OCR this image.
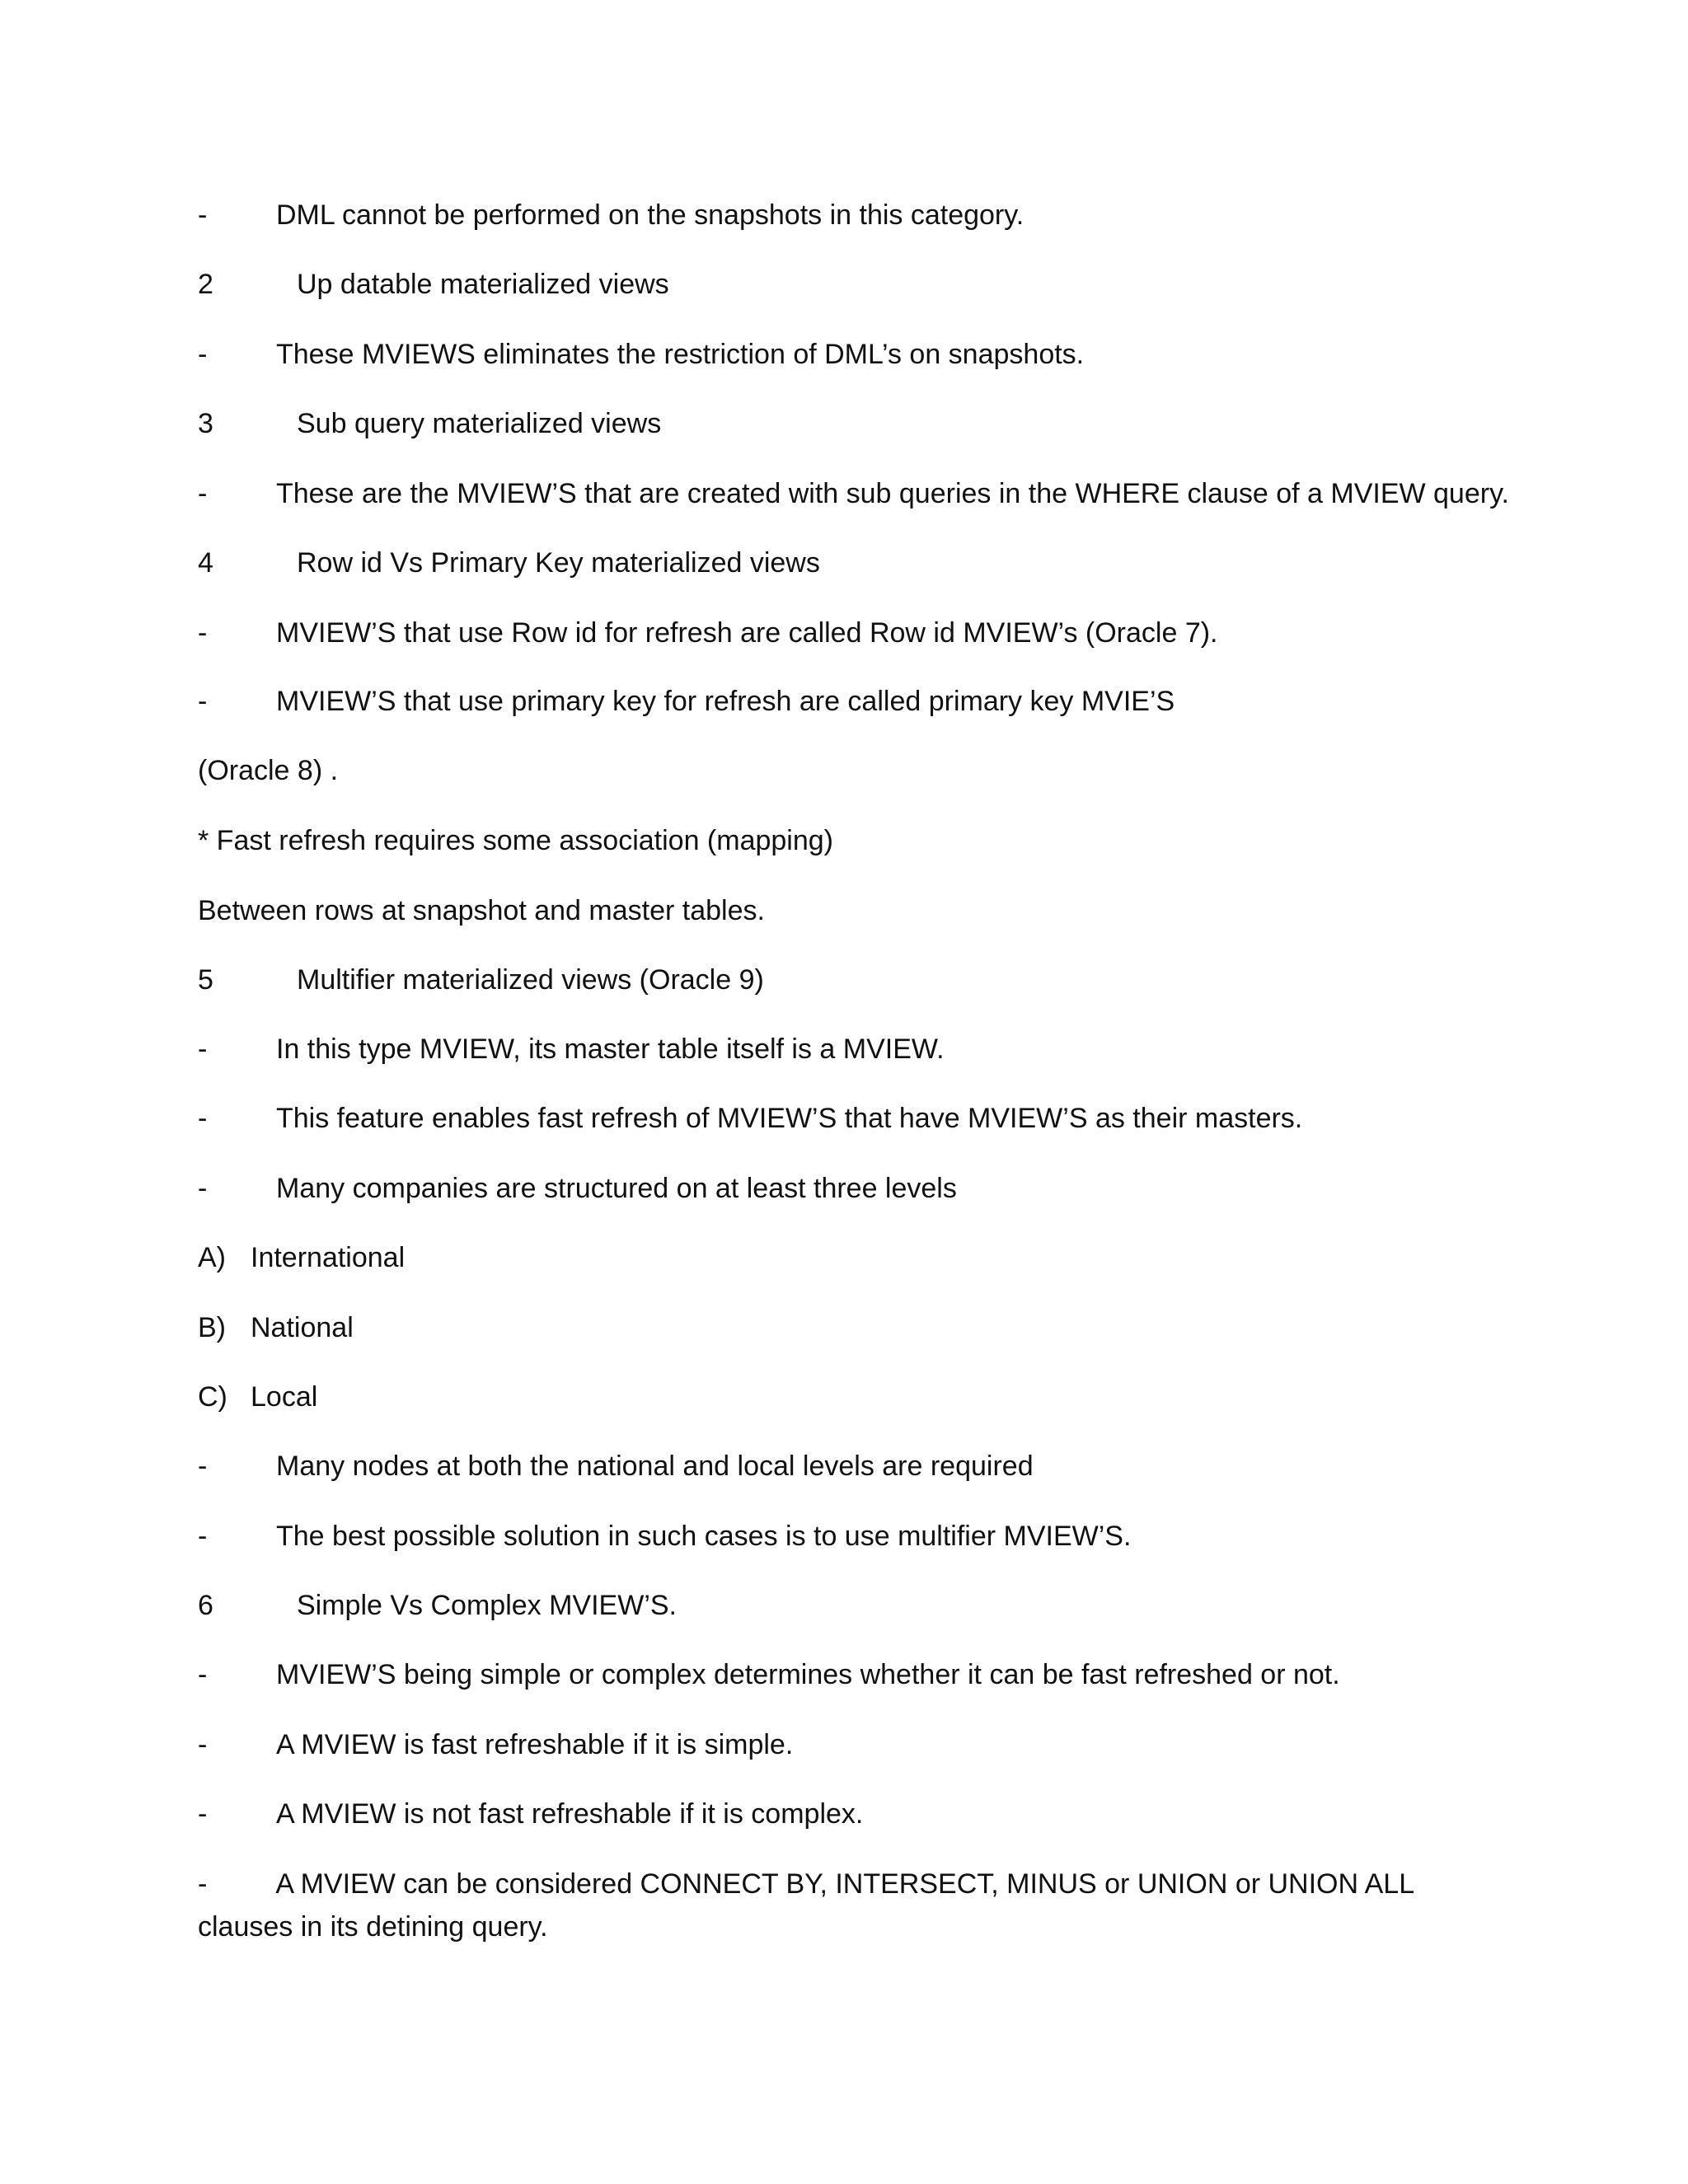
- DML cannot be performed on the snapshots in this category.
2	Up datable materialized views
- These MVIEWS eliminates the restriction of DML’s on snapshots.
3	Sub query materialized views
- These are the MVIEW’S that are created with sub queries in the WHERE clause of a MVIEW query.
4	Row id Vs Primary Key materialized views
- MVIEW’S that use Row id for refresh are called Row id MVIEW’s (Oracle 7).
- MVIEW’S that use primary key for refresh are called primary key MVIE’S
(Oracle 8) .
* Fast refresh requires some association (mapping)
Between rows at snapshot and master tables.
5	Multifier materialized views (Oracle 9)
- In this type MVIEW, its master table itself is a MVIEW.
- This feature enables fast refresh of MVIEW’S that have MVIEW’S as their masters.
- Many companies are structured on at least three levels
A) International
B) National
C) Local
- Many nodes at both the national and local levels are required
- The best possible solution in such cases is to use multifier MVIEW’S.
6	Simple Vs Complex MVIEW’S.
- MVIEW’S being simple or complex determines whether it can be fast refreshed or not.
- A MVIEW is fast refreshable if it is simple.
- A MVIEW is not fast refreshable if it is complex.
- A MVIEW can be considered CONNECT BY, INTERSECT, MINUS or UNION or UNION ALL clauses in its detining query.
